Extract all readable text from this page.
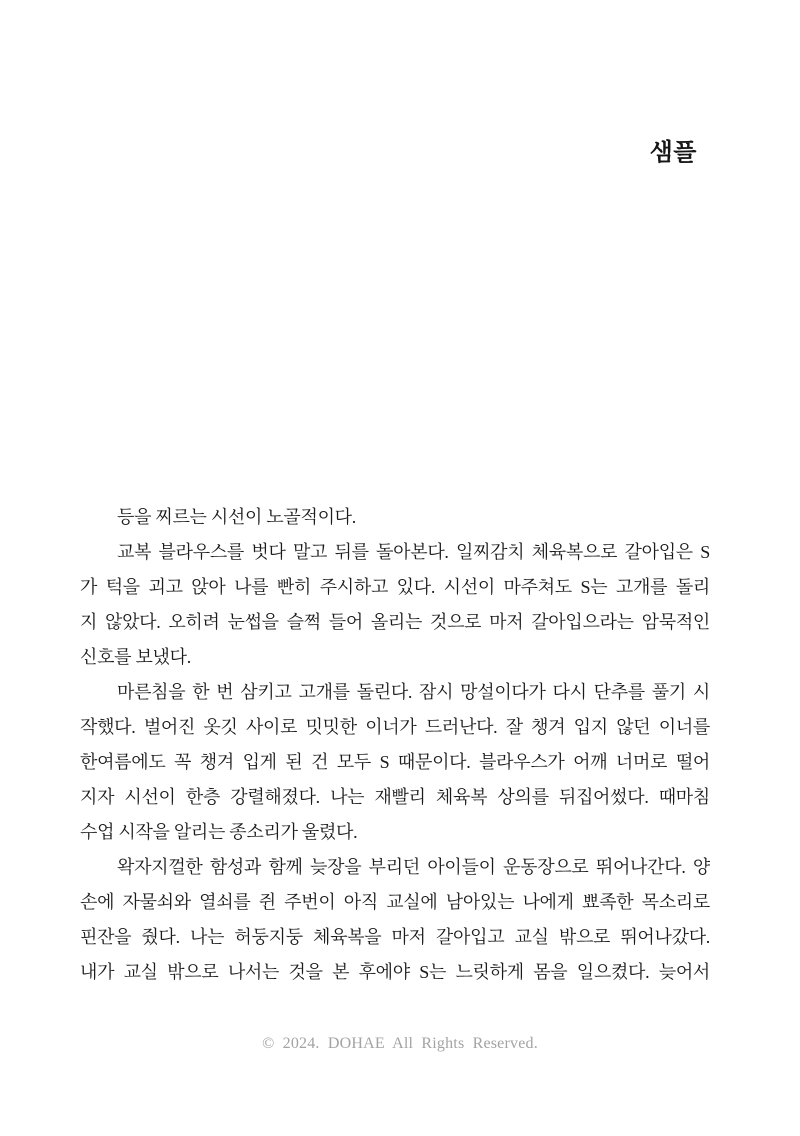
샘플

등을 찌르는 시선이 노골적이다.

교복 블라우스를 벗다 말고 뒤를 돌아본다. 일찌감치 체육복으로 갈아입은 S

가 턱을 괴고 앉아 나를 빤히 주시하고 있다. 시선이 마주쳐도 S는 고개를 돌리

지 않았다. 오히려 눈썹을 슬쩍 들어 올리는 것으로 마저 갈아입으라는 암묵적인

신호를 보냈다.

마른침을 한 번 삼키고 고개를 돌린다. 잠시 망설이다가 다시 단추를 풀기 시

작했다. 벌어진 옷깃 사이로 밋밋한 이너가 드러난다. 잘 챙겨 입지 않던 이너를

한여름에도 꼭 챙겨 입게 된 건 모두 S 때문이다. 블라우스가 어깨 너머로 떨어

지자 시선이 한층 강렬해졌다. 나는 재빨리 체육복 상의를 뒤집어썼다. 때마침

수업 시작을 알리는 종소리가 울렸다.

왁자지껄한 함성과 함께 늦장을 부리던 아이들이 운동장으로 뛰어나간다. 양

손에 자물쇠와 열쇠를 쥔 주번이 아직 교실에 남아있는 나에게 뾰족한 목소리로

핀잔을 줬다. 나는 허둥지둥 체육복을 마저 갈아입고 교실 밖으로 뛰어나갔다.

내가 교실 밖으로 나서는 것을 본 후에야 S는 느릿하게 몸을 일으켰다. 늦어서

© 2024. DOHAE All Rights Reserved.
